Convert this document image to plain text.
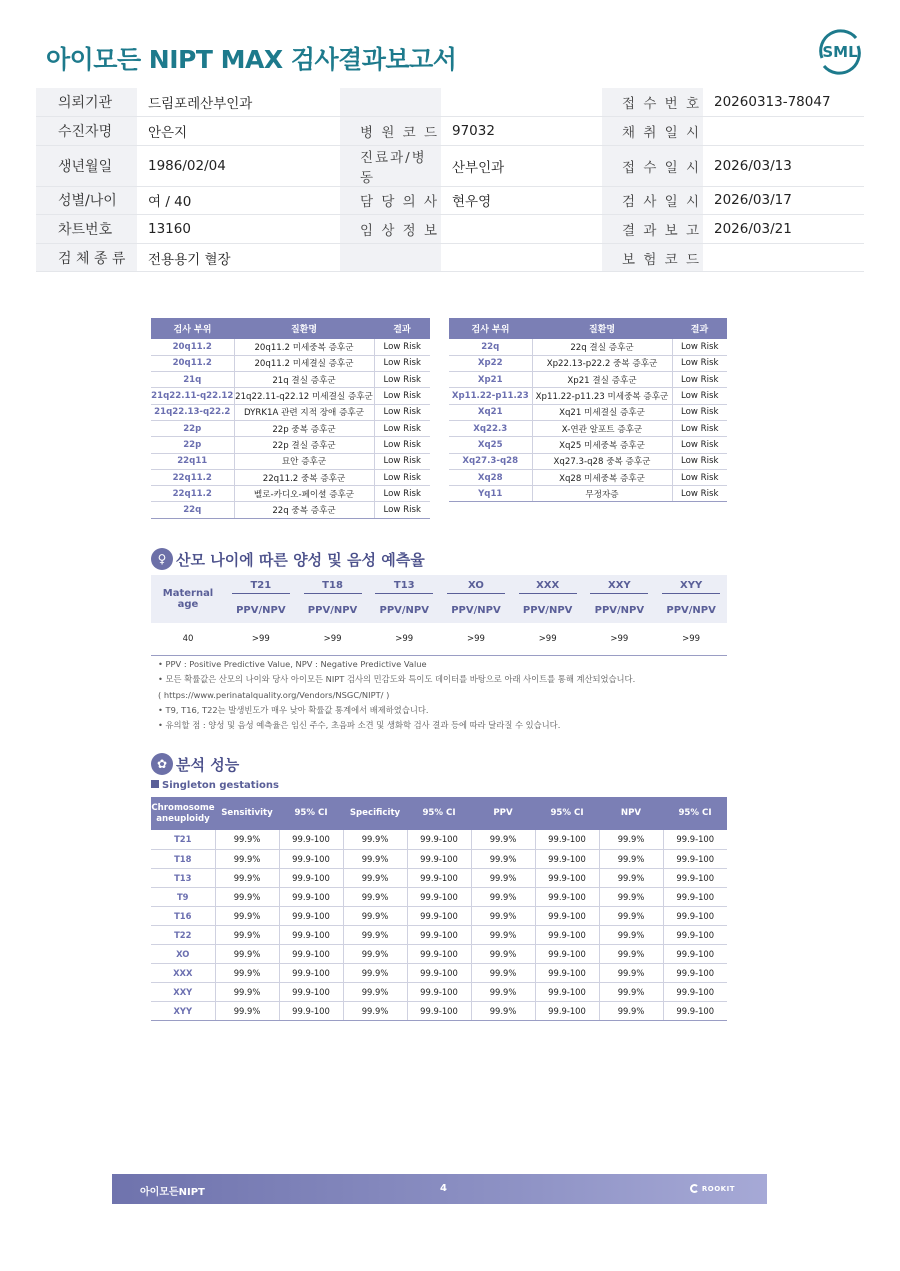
아이모든 NIPT MAX 검사결과보고서	SML
의뢰기관	드림포레산부인과			접 수 번 호	20260313-78047
수진자명	안은지	병 원 코 드	97032	채 취 일 시	
생년월일	1986/02/04	진료과/병동	산부인과	접 수 일 시	2026/03/13
성별/나이	여 / 40	담 당 의 사	현우영	검 사 일 시	2026/03/17
차트번호	13160	임 상 정 보		결 과 보 고	2026/03/21
검 체 종 류	전용용기 혈장			보 험 코 드	
검사 부위	질환명	결과
20q11.2	20q11.2 미세중복 증후군	Low Risk
20q11.2	20q11.2 미세결실 증후군	Low Risk
21q	21q 결실 증후군	Low Risk
21q22.11-q22.12	21q22.11-q22.12 미세결실 증후군	Low Risk
21q22.13-q22.2	DYRK1A 관련 지적 장애 증후군	Low Risk
22p	22p 중복 증후군	Low Risk
22p	22p 결실 증후군	Low Risk
22q11	묘안 증후군	Low Risk
22q11.2	22q11.2 중복 증후군	Low Risk
22q11.2	벨로-카디오-페이셜 증후군	Low Risk
22q	22q 중복 증후군	Low Risk
검사 부위	질환명	결과
22q	22q 결실 증후군	Low Risk
Xp22	Xp22.13-p22.2 중복 증후군	Low Risk
Xp21	Xp21 결실 증후군	Low Risk
Xp11.22-p11.23	Xp11.22-p11.23 미세중복 증후군	Low Risk
Xq21	Xq21 미세결실 증후군	Low Risk
Xq22.3	X-연관 알포트 증후군	Low Risk
Xq25	Xq25 미세중복 증후군	Low Risk
Xq27.3-q28	Xq27.3-q28 중복 증후군	Low Risk
Xq28	Xq28 미세중복 증후군	Low Risk
Yq11	무정자증	Low Risk
♀ 산모 나이에 따른 양성 및 음성 예측율
Maternal
age	T21	T18	T13	XO	XXX	XXY	XYY
	PPV/NPV	PPV/NPV	PPV/NPV	PPV/NPV	PPV/NPV	PPV/NPV	PPV/NPV
40	>99	>99	>99	>99	>99	>99	>99
• PPV : Positive Predictive Value, NPV : Negative Predictive Value
• 모든 확률값은 산모의 나이와 당사 아이모든 NIPT 검사의 민감도와 특이도 데이터를 바탕으로 아래 사이트를 통해 계산되었습니다.
( https://www.perinatalquality.org/Vendors/NSGC/NIPT/ )
• T9, T16, T22는 발생빈도가 매우 낮아 확률값 통계에서 배제하였습니다.
• 유의할 점 : 양성 및 음성 예측율은 임신 주수, 초음파 소견 및 생화학 검사 결과 등에 따라 달라질 수 있습니다.
✿ 분석 성능
Singleton gestations
Chromosome aneuploidy	Sensitivity	95% CI	Specificity	95% CI	PPV	95% CI	NPV	95% CI
T21	99.9%	99.9-100	99.9%	99.9-100	99.9%	99.9-100	99.9%	99.9-100
T18	99.9%	99.9-100	99.9%	99.9-100	99.9%	99.9-100	99.9%	99.9-100
T13	99.9%	99.9-100	99.9%	99.9-100	99.9%	99.9-100	99.9%	99.9-100
T9	99.9%	99.9-100	99.9%	99.9-100	99.9%	99.9-100	99.9%	99.9-100
T16	99.9%	99.9-100	99.9%	99.9-100	99.9%	99.9-100	99.9%	99.9-100
T22	99.9%	99.9-100	99.9%	99.9-100	99.9%	99.9-100	99.9%	99.9-100
XO	99.9%	99.9-100	99.9%	99.9-100	99.9%	99.9-100	99.9%	99.9-100
XXX	99.9%	99.9-100	99.9%	99.9-100	99.9%	99.9-100	99.9%	99.9-100
XXY	99.9%	99.9-100	99.9%	99.9-100	99.9%	99.9-100	99.9%	99.9-100
XYY	99.9%	99.9-100	99.9%	99.9-100	99.9%	99.9-100	99.9%	99.9-100
아이모든NIPT	4	ROOKIT
